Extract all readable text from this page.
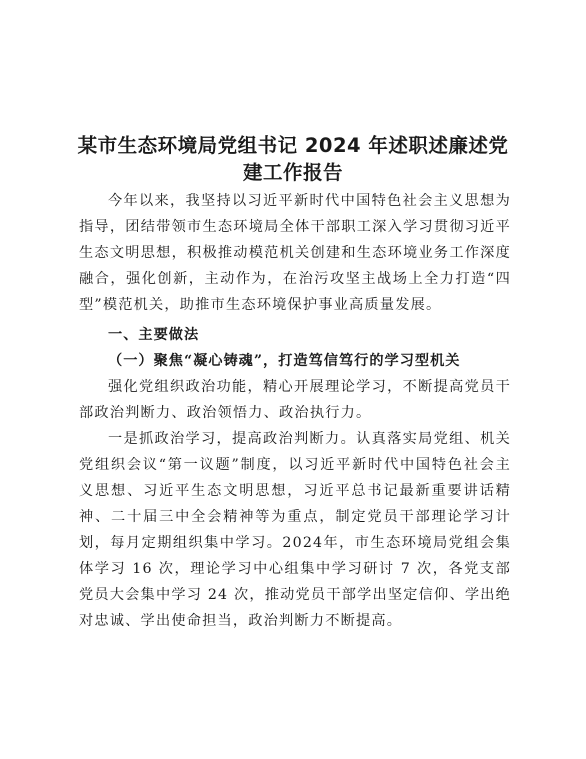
某市生态环境局党组书记 2024 年述职述廉述党建工作报告

今年以来，我坚持以习近平新时代中国特色社会主义思想为指导，团结带领市生态环境局全体干部职工深入学习贯彻习近平生态文明思想，积极推动模范机关创建和生态环境业务工作深度融合，强化创新，主动作为，在治污攻坚主战场上全力打造“四型”模范机关，助推市生态环境保护事业高质量发展。

一、主要做法
（一）聚焦“凝心铸魂”，打造笃信笃行的学习型机关

强化党组织政治功能，精心开展理论学习，不断提高党员干部政治判断力、政治领悟力、政治执行力。

一是抓政治学习，提高政治判断力。认真落实局党组、机关党组织会议“第一议题”制度，以习近平新时代中国特色社会主义思想、习近平生态文明思想，习近平总书记最新重要讲话精神、二十届三中全会精神等为重点，制定党员干部理论学习计划，每月定期组织集中学习。2024年，市生态环境局党组会集体学习 16 次，理论学习中心组集中学习研讨 7 次，各党支部党员大会集中学习 24 次，推动党员干部学出坚定信仰、学出绝对忠诚、学出使命担当，政治判断力不断提高。
